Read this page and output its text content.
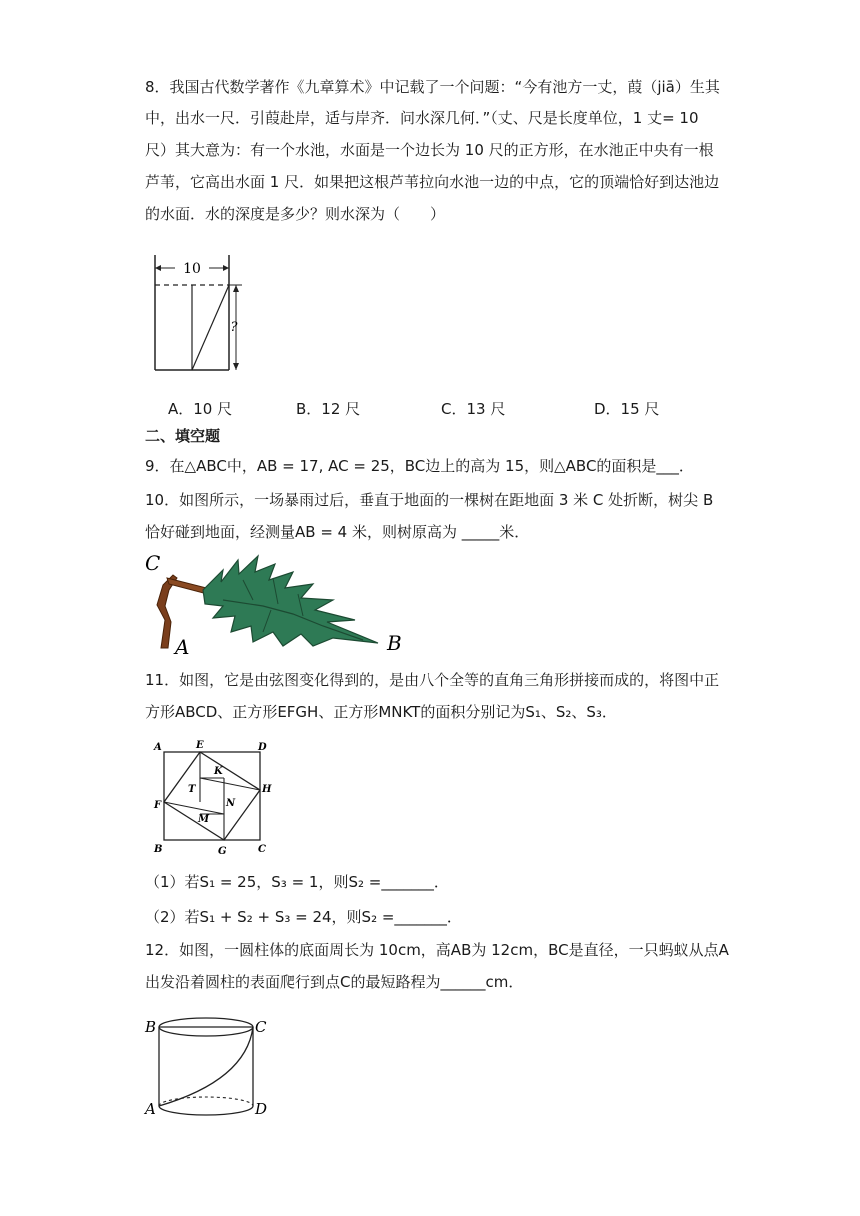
8．我国古代数学著作《九章算术》中记载了一个问题：“今有池方一丈，葭（jiā）生其
中，出水一尺．引葭赴岸，适与岸齐．问水深几何．”（丈、尺是长度单位，1 丈= 10
尺）其大意为：有一个水池，水面是一个边长为 10 尺的正方形，在水池正中央有一根
芦苇，它高出水面 1 尺．如果把这根芦苇拉向水池一边的中点，它的顶端恰好到达池边
的水面．水的深度是多少？则水深为（　　）
10
?
A．10 尺	B．12 尺	C．13 尺	D．15 尺
二、填空题
9．在△ABC中，AB = 17, AC = 25，BC边上的高为 15，则△ABC的面积是___．
10．如图所示，一场暴雨过后，垂直于地面的一棵树在距地面 3 米 C 处折断，树尖 B
恰好碰到地面，经测量AB = 4 米，则树原高为 _____米．
C
A	B
11．如图，它是由弦图变化得到的，是由八个全等的直角三角形拼接而成的，将图中正
方形ABCD、正方形EFGH、正方形MNKT的面积分别记为S₁、S₂、S₃．
A	E	D
K
T	H
F	N
M
B	G	C
（1）若S₁ = 25，S₃ = 1，则S₂ =_______．
（2）若S₁ + S₂ + S₃ = 24，则S₂ =_______．
12．如图，一圆柱体的底面周长为 10cm，高AB为 12cm，BC是直径，一只蚂蚁从点A
出发沿着圆柱的表面爬行到点C的最短路程为______cm．
B	C
A	D
